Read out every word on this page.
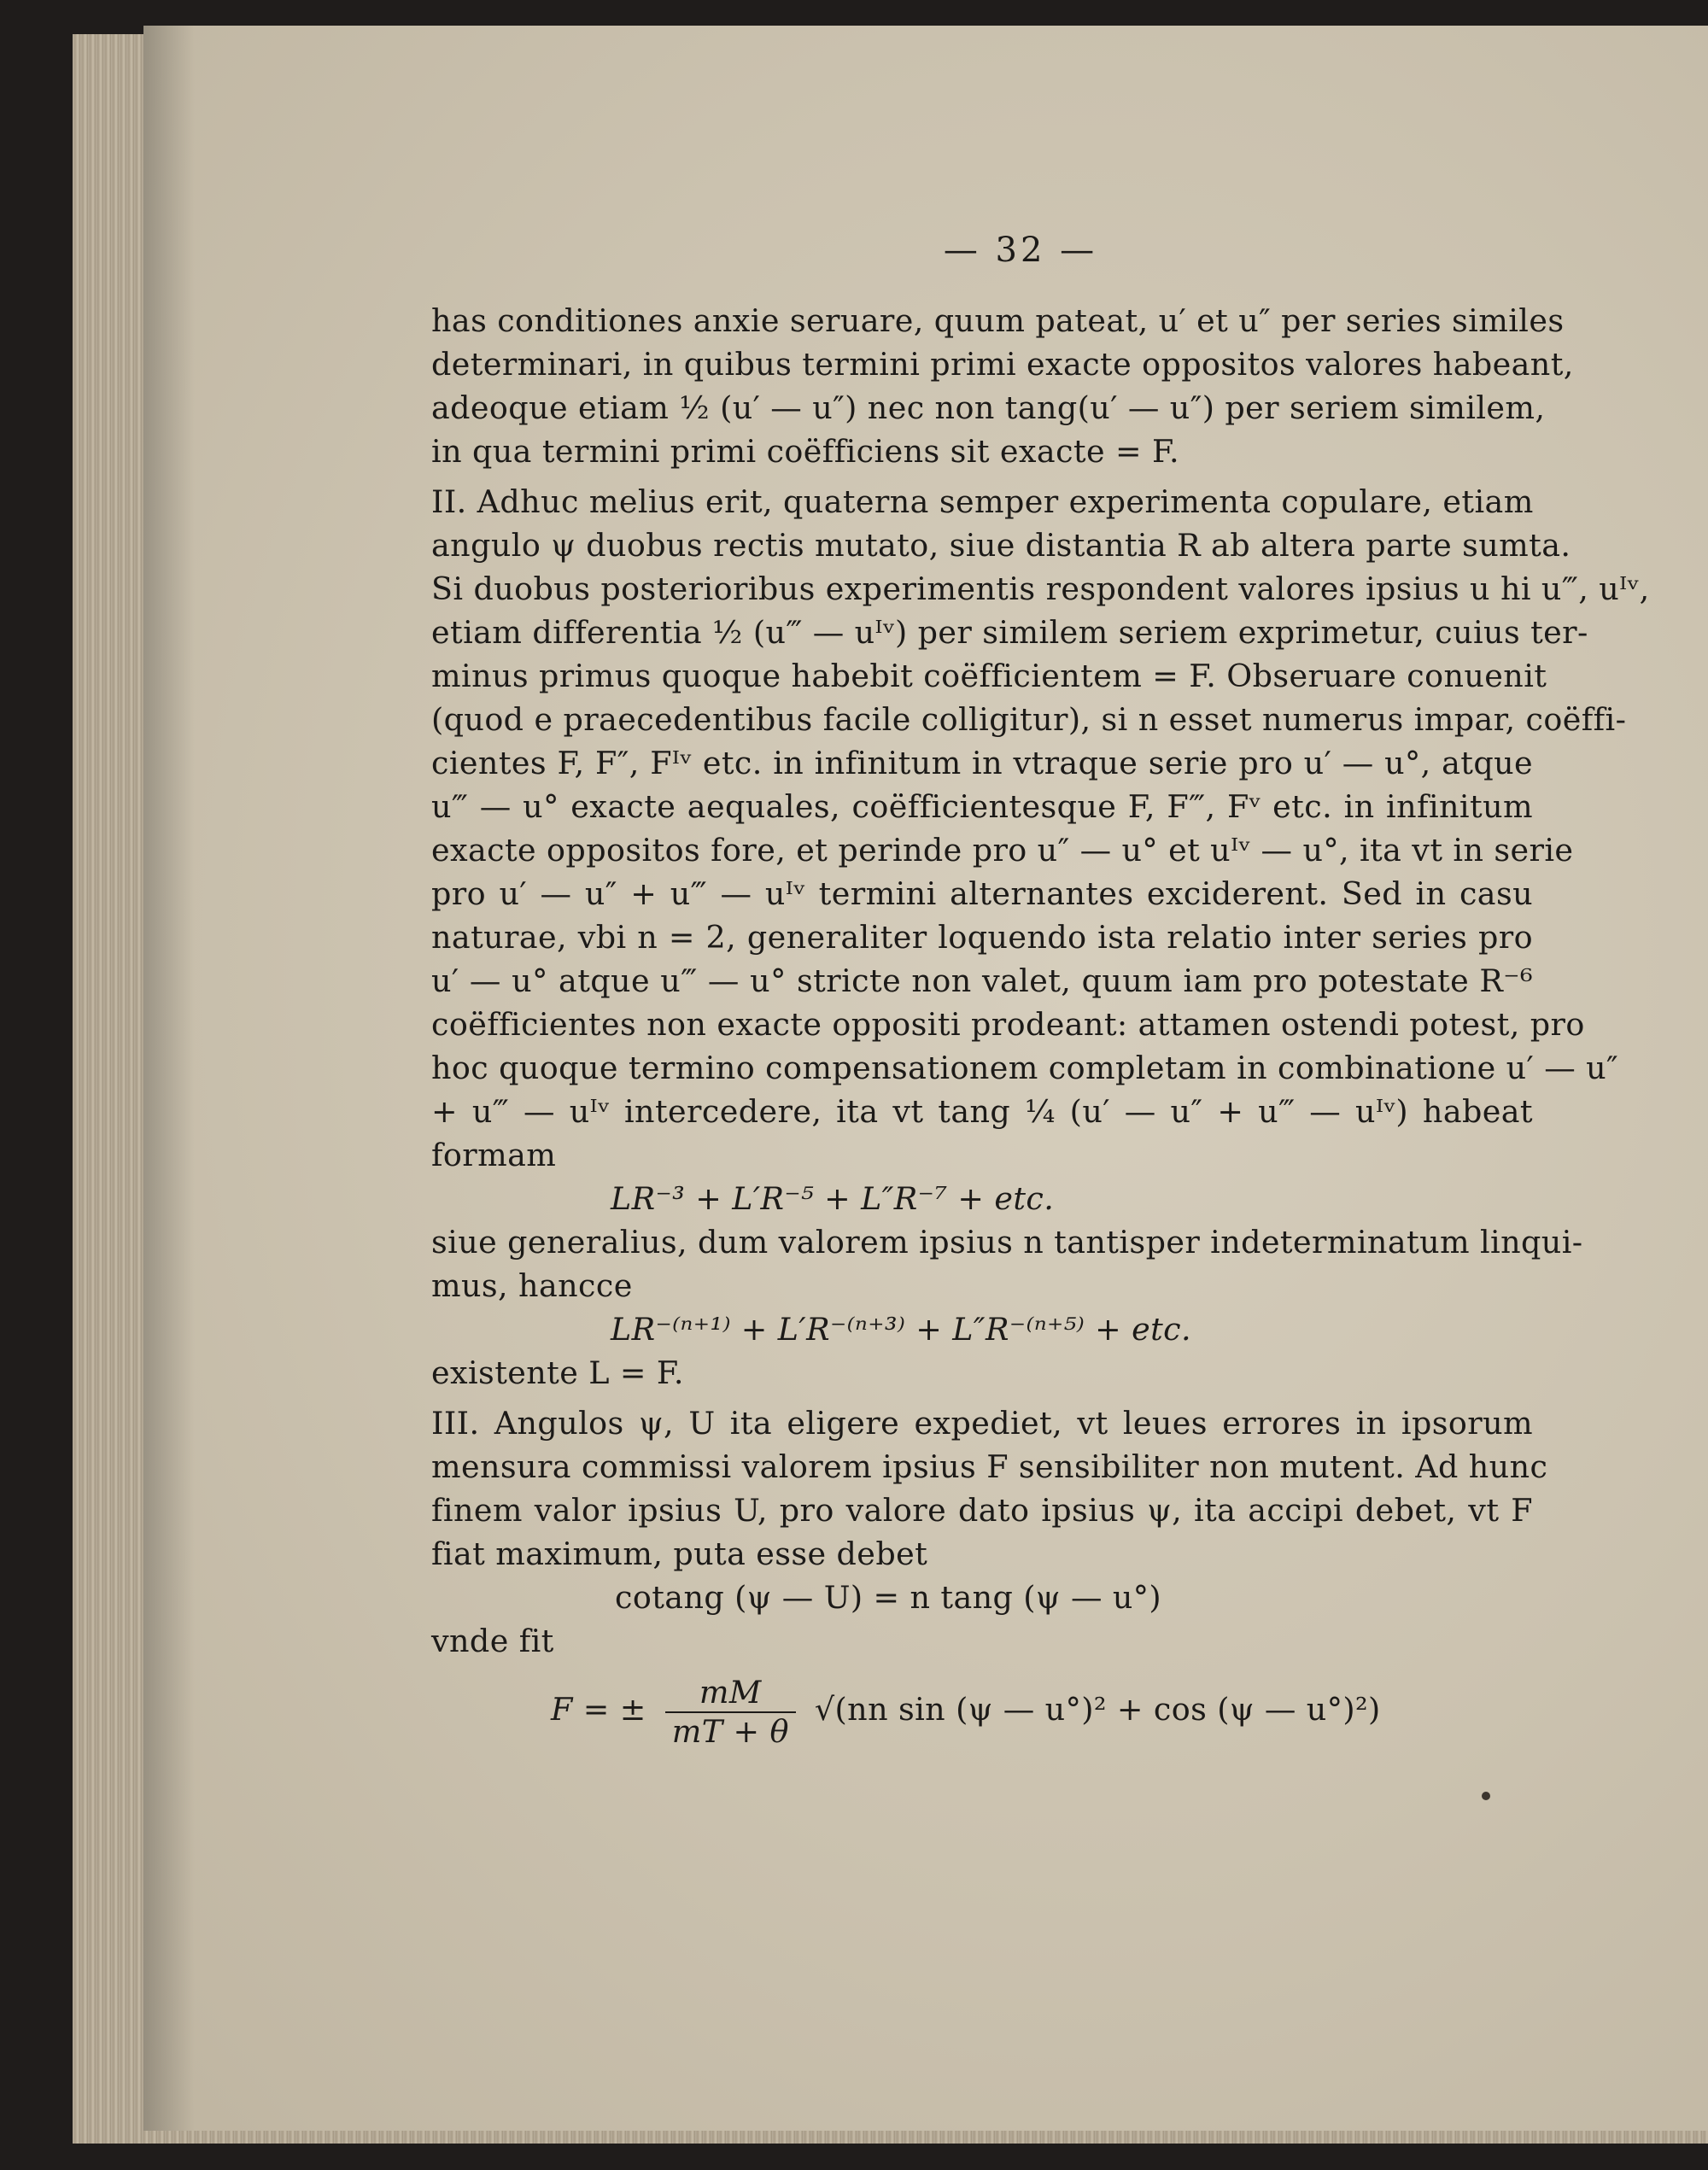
— 32 —
has conditiones anxie seruare, quum pateat, u′ et u″ per series similes
determinari, in quibus termini primi exacte oppositos valores habeant,
adeoque etiam ½ (u′ — u″) nec non tang(u′ — u″) per seriem similem,
in qua termini primi coëfficiens sit exacte = F.
II. Adhuc melius erit, quaterna semper experimenta copulare, etiam
angulo ψ duobus rectis mutato, siue distantia R ab altera parte sumta.
Si duobus posterioribus experimentis respondent valores ipsius u hi u‴, uᴵᵛ,
etiam differentia ½ (u‴ — uᴵᵛ) per similem seriem exprimetur, cuius ter-
minus primus quoque habebit coëfficientem = F. Obseruare conuenit
(quod e praecedentibus facile colligitur), si n esset numerus impar, coëffi-
cientes F, F″, Fᴵᵛ etc. in infinitum in vtraque serie pro u′ — u°, atque
u‴ — u° exacte aequales, coëfficientesque F, F‴, Fᵛ etc. in infinitum
exacte oppositos fore, et perinde pro u″ — u° et uᴵᵛ — u°, ita vt in serie
pro u′ — u″ + u‴ — uᴵᵛ termini alternantes exciderent. Sed in casu
naturae, vbi n = 2, generaliter loquendo ista relatio inter series pro
u′ — u° atque u‴ — u° stricte non valet, quum iam pro potestate R⁻⁶
coëfficientes non exacte oppositi prodeant: attamen ostendi potest, pro
hoc quoque termino compensationem completam in combinatione u′ — u″
+ u‴ — uᴵᵛ intercedere, ita vt tang ¼ (u′ — u″ + u‴ — uᴵᵛ) habeat
formam
LR⁻³ + L′R⁻⁵ + L″R⁻⁷ + etc.
siue generalius, dum valorem ipsius n tantisper indeterminatum linqui-
mus, hancce
LR⁻⁽ⁿ⁺¹⁾ + L′R⁻⁽ⁿ⁺³⁾ + L″R⁻⁽ⁿ⁺⁵⁾ + etc.
existente L = F.
III. Angulos ψ, U ita eligere expediet, vt leues errores in ipsorum
mensura commissi valorem ipsius F sensibiliter non mutent. Ad hunc
finem valor ipsius U, pro valore dato ipsius ψ, ita accipi debet, vt F
fiat maximum, puta esse debet
cotang (ψ — U) = n tang (ψ — u°)
vnde fit
F = ± $\frac{mM}{mT + \theta} √(nn$ sin (ψ — u°)² + cos (ψ — u°)²)
